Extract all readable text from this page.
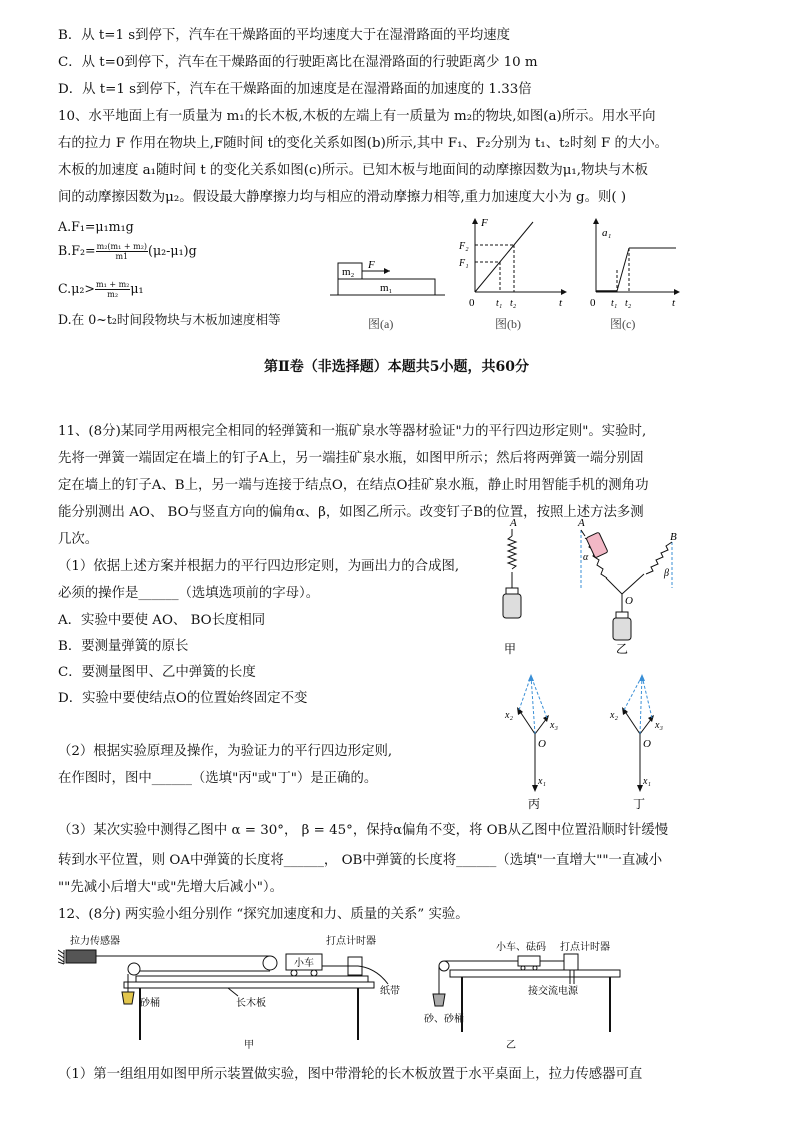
B．从 t=1 s到停下，汽车在干燥路面的平均速度大于在湿滑路面的平均速度
C．从 t=0到停下，汽车在干燥路面的行驶距离比在湿滑路面的行驶距离少 10 m
D．从 t=1 s到停下，汽车在干燥路面的加速度是在湿滑路面的加速度的 1.33倍
10、水平地面上有一质量为 m₁的长木板,木板的左端上有一质量为 m₂的物块,如图(a)所示。用水平向
右的拉力 F 作用在物块上,F随时间 t的变化关系如图(b)所示,其中 F₁、F₂分别为 t₁、t₂时刻 F 的大小。
木板的加速度 a₁随时间 t 的变化关系如图(c)所示。已知木板与地面间的动摩擦因数为μ₁,物块与木板
间的动摩擦因数为μ₂。假设最大静摩擦力均与相应的滑动摩擦力相等,重力加速度大小为 g。则( )
A.F₁=μ₁m₁g
$B.F_2= \frac{\text{m₂(m₁ + m₂)}}{m1} (\mu_2-\mu_1)g$
$C.\mu_2> \frac{\text{m₁ + m₂}}{\text{m₂}} \mu_1$
D.在 0~t₂时间段物块与木板加速度相等
m₂
F
m₁
图(a)
F
F₂
F₁
0 t₁ t₂	t
图(b)
a₁
0 t₁ t₂	t
图(c)
第Ⅱ卷（非选择题）本题共5小题，共60分
11、(8分)某同学用两根完全相同的轻弹簧和一瓶矿泉水等器材验证"力的平行四边形定则"。实验时,
先将一弹簧一端固定在墙上的钉子A上，另一端挂矿泉水瓶，如图甲所示；然后将两弹簧一端分别固
定在墙上的钉子A、B上，另一端与连接于结点O，在结点O挂矿泉水瓶，静止时用智能手机的测角功
能分别测出 AO、 BO与竖直方向的偏角α、β，如图乙所示。改变钉子B的位置，按照上述方法多测
几次。
（1）依据上述方案并根据力的平行四边形定则，为画出力的合成图,
必须的操作是______（选填选项前的字母）。
A．实验中要使 AO、 BO长度相同
B．要测量弹簧的原长
C．要测量图甲、乙中弹簧的长度
D．实验中要使结点O的位置始终固定不变
（2）根据实验原理及操作，为验证力的平行四边形定则,
在作图时，图中______（选填"丙"或"丁"）是正确的。
（3）某次实验中测得乙图中 α = 30°， β = 45°，保持α偏角不变，将 OB从乙图中位置沿顺时针缓慢
转到水平位置，则 OA中弹簧的长度将______， OB中弹簧的长度将______（选填"一直增大""一直减小
""先减小后增大"或"先增大后减小"）。
A
甲
A
B
α
β
O
乙
x₂
x₃
O
x₁
丙
x₂
x₃
O
x₁
丁
12、(8分) 两实验小组分别作 “探究加速度和力、质量的关系” 实验。
拉力传感器
小车
打点计时器
纸带
砂桶	长木板
甲
小车、砝码 打点计时器
砂、砂桶
接交流电源
乙
（1）第一组组用如图甲所示装置做实验，图中带滑轮的长木板放置于水平桌面上，拉力传感器可直
